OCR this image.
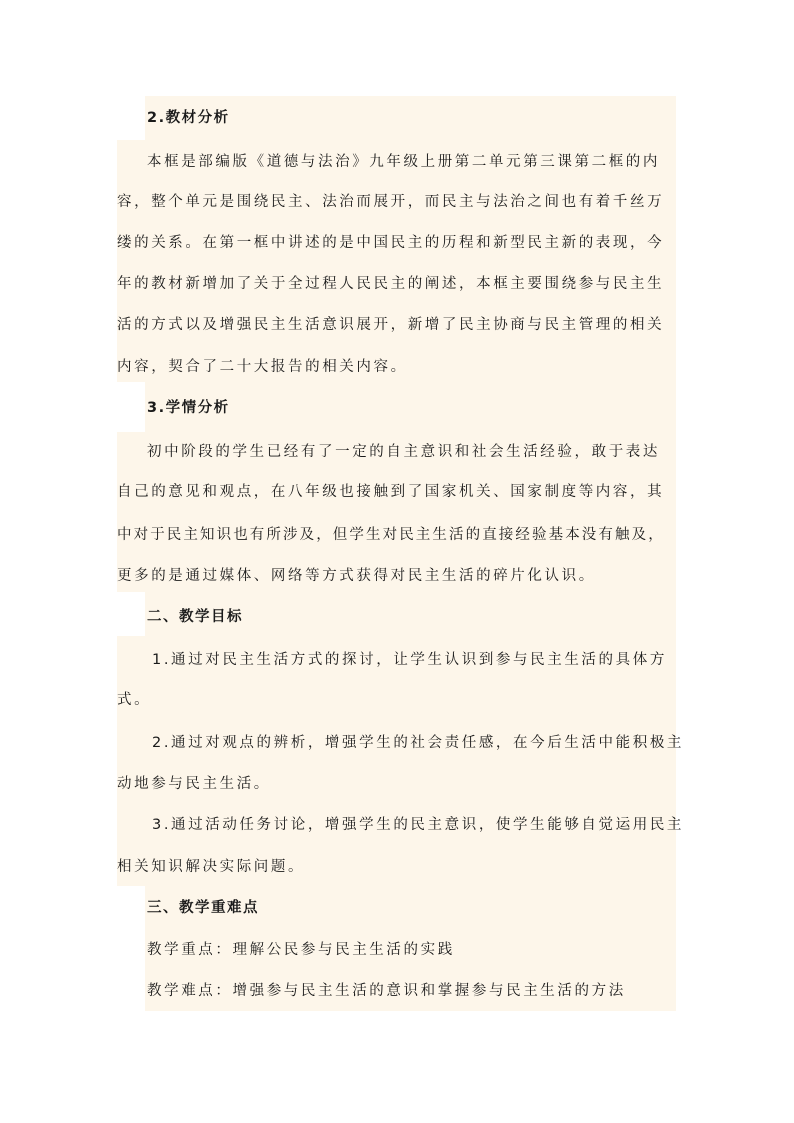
2.教材分析
本框是部编版《道德与法治》九年级上册第二单元第三课第二框的内
容，整个单元是围绕民主、法治而展开，而民主与法治之间也有着千丝万
缕的关系。在第一框中讲述的是中国民主的历程和新型民主新的表现，今
年的教材新增加了关于全过程人民民主的阐述，本框主要围绕参与民主生
活的方式以及增强民主生活意识展开，新增了民主协商与民主管理的相关
内容，契合了二十大报告的相关内容。
3.学情分析
初中阶段的学生已经有了一定的自主意识和社会生活经验，敢于表达
自己的意见和观点，在八年级也接触到了国家机关、国家制度等内容，其
中对于民主知识也有所涉及，但学生对民主生活的直接经验基本没有触及，
更多的是通过媒体、网络等方式获得对民主生活的碎片化认识。
二、教学目标
1.通过对民主生活方式的探讨，让学生认识到参与民主生活的具体方
式。
2.通过对观点的辨析，增强学生的社会责任感，在今后生活中能积极主
动地参与民主生活。
3.通过活动任务讨论，增强学生的民主意识，使学生能够自觉运用民主
相关知识解决实际问题。
三、教学重难点
教学重点：理解公民参与民主生活的实践
教学难点：增强参与民主生活的意识和掌握参与民主生活的方法
